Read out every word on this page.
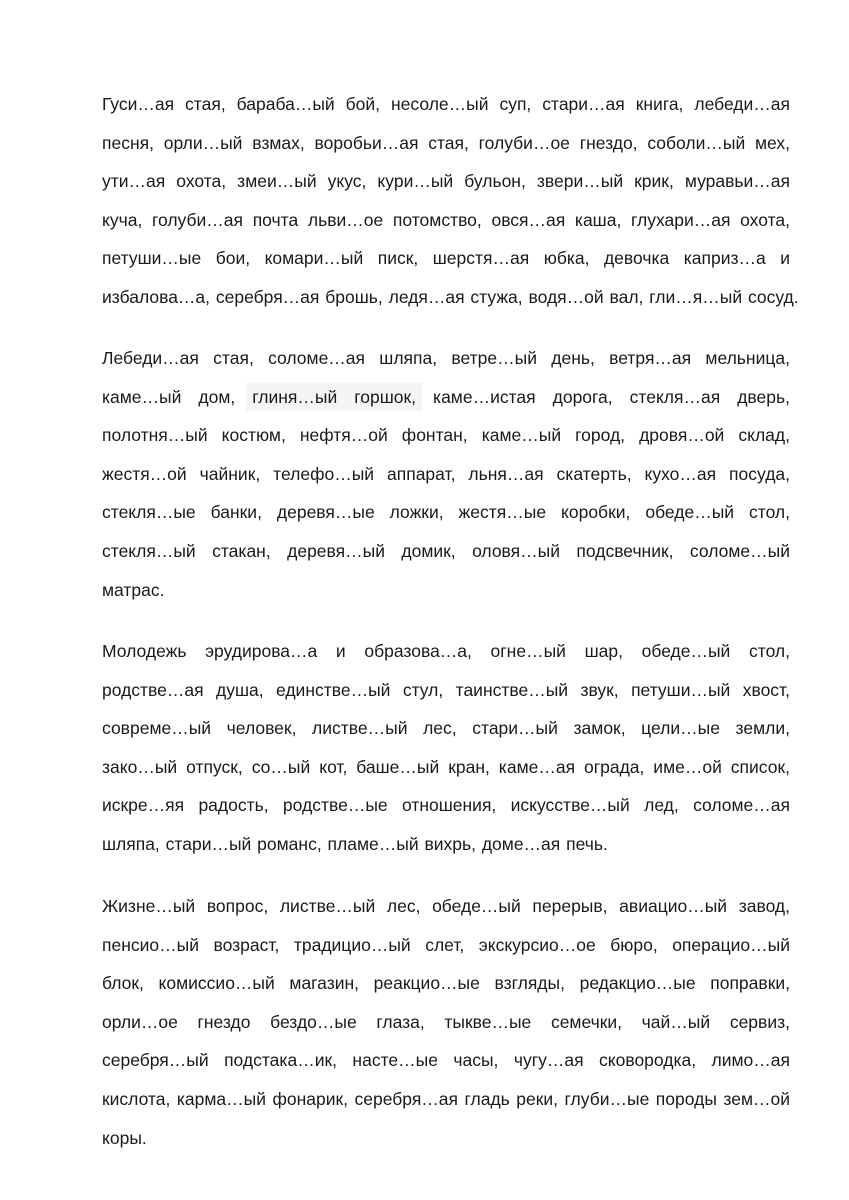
Гуси…ая стая, бараба…ый бой, несоле…ый суп, стари…ая книга, лебеди…ая
песня, орли…ый взмах, воробьи…ая стая, голуби…ое гнездо, соболи…ый мех,
ути…ая охота, змеи…ый укус, кури…ый бульон, звери…ый крик, муравьи…ая
куча, голуби…ая почта льви…ое потомство, овся…ая каша, глухари…ая охота,
петуши…ые бои, комари…ый писк, шерстя…ая юбка, девочка каприз…а и
избалова…а, серебря…ая брошь, ледя…ая стужа, водя…ой вал, гли…я…ый сосуд.
Лебеди…ая стая, соломе…ая шляпа, ветре…ый день, ветря…ая мельница,
каме…ый дом, глиня…ый горшок, каме…истая дорога, стекля…ая дверь,
полотня…ый костюм, нефтя…ой фонтан, каме…ый город, дровя…ой склад,
жестя…ой чайник, телефо…ый аппарат, льня…ая скатерть, кухо…ая посуда,
стекля…ые банки, деревя…ые ложки, жестя…ые коробки, обеде…ый стол,
стекля…ый стакан, деревя…ый домик, оловя…ый подсвечник, соломе…ый
матрас.
Молодежь эрудирова…а и образова…а, огне…ый шар, обеде…ый стол,
родстве…ая душа, единстве…ый стул, таинстве…ый звук, петуши…ый хвост,
совреме…ый человек, листве…ый лес, стари…ый замок, цели…ые земли,
зако…ый отпуск, со…ый кот, баше…ый кран, каме…ая ограда, име…ой список,
искре…яя радость, родстве…ые отношения, искусстве…ый лед, соломе…ая
шляпа, стари…ый романс, пламе…ый вихрь, доме…ая печь.
Жизне…ый вопрос, листве…ый лес, обеде…ый перерыв, авиацио…ый завод,
пенсио…ый возраст, традицио…ый слет, экскурсио…ое бюро, операцио…ый
блок, комиссио…ый магазин, реакцио…ые взгляды, редакцио…ые поправки,
орли…ое гнездо бездо…ые глаза, тыкве…ые семечки, чай…ый сервиз,
серебря…ый подстака…ик, насте…ые часы, чугу…ая сковородка, лимо…ая
кислота, карма…ый фонарик, серебря…ая гладь реки, глуби…ые породы зем…ой
коры.
